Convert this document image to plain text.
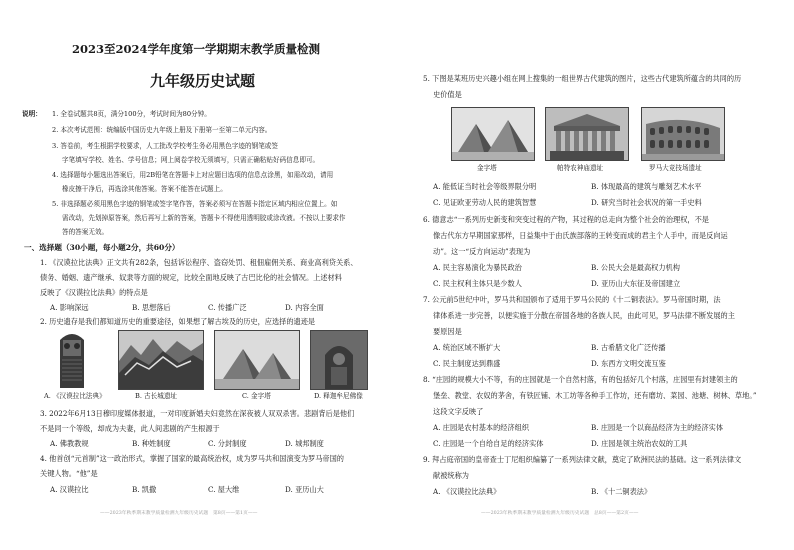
2023至2024学年度第一学期期末教学质量检测
九年级历史试题
说明： 1. 全卷试题共8页，满分100分，考试时间为80分钟。
2. 本次考试范围：统编版中国历史九年级上册及下册第一至第二单元内容。
3. 答卷前，考生根据学校要求，人工批改学校考生务必用黑色字迹的钢笔或签
字笔填写学校、姓名、学号信息；网上阅卷学校无须填写，只需正确粘贴好码信息即可。
4. 选择题每小题选出答案后，用2B铅笔在答题卡上对应题目选项的信息点涂黑，如需改动，请用
橡皮擦干净后，再选涂其他答案。答案不能答在试题上。
5. 非选择题必须用黑色字迹的钢笔或签字笔作答，答案必须写在答题卡指定区域内相应位置上。如
需改动，先划掉原答案，然后再写上新的答案，答题卡不得使用透明胶或涂改液。不按以上要求作
答的答案无效。
一、选择题（30小题，每小题2分，共60分）
1. 《汉谟拉比法典》正文共有282条，包括诉讼程序、盗窃处罚、租佃雇佣关系、商业高利贷关系、
债务、婚姻、遗产继承、奴隶等方面的规定，比较全面地反映了古巴比伦的社会情况。上述材料
反映了《汉谟拉比法典》的特点是
A. 影响深远	B. 思想落后	C. 传播广泛	D. 内容全面
2. 历史遗存是我们都知道历史的重要途径，如果想了解古埃及的历史，应选择的遗迹是
A. 《汉谟拉比法典》	B. 古长城遗址	C. 金字塔	D. 释迦牟尼佛像
3. 2022年6月13日穆印度媒体报道，一对印度新婚夫妇竟然在深夜被人双双杀害。悲剧背后是他们
不是同一个等级，却成为夫妻，此人间悲剧的产生根源于
A. 佛教教规	B. 种姓制度	C. 分封制度	D. 城邦制度
4. 他首创“元首制”这一政治形式，掌握了国家的最高统治权，成为罗马共和国演变为罗马帝国的
关键人物。“他”是
A. 汉谟拉比	B. 凯撒	C. 屋大维	D. 亚历山大
——2023年秋季期末教学质量检测九年级历史试题　第8页——第1页——
5. 下图是某班历史兴趣小组在网上搜集的一组世界古代建筑的图片，这些古代建筑所蕴含的共同的历
史价值是
金字塔	帕特农神庙遗址	罗马大竞技场遗址
A. 能低证当时社会等级界限分明	B. 体现最高的建筑与雕刻艺术水平
C. 见证欧亚劳动人民的建筑智慧	D. 研究当时社会状况的第一手史料
6. 德意志“一系列历史新变和突变过程的产物，其过程的总走向为整个社会的治理权，不是
像古代东方早期国家那样，日益集中于由氏族部落的王转变而成的君主个人手中，而是反向运
动”。这一“反方向运动”表现为
A. 民主容易演化为暴民政治	B. 公民大会是最高权力机构
C. 民主权利主体只是少数人	D. 亚历山大东征及帝国建立
7. 公元前5世纪中叶，罗马共和国颁布了适用于罗马公民的《十二铜表法》。罗马帝国时期，法
律体系进一步完善，以便实施于分散在帝国各地的各族人民，由此可见，罗马法律不断发展的主
要原因是
A. 统治区域不断扩大	B. 古希腊文化广泛传播
C. 民主制度达到鼎盛	D. 东西方文明交流互鉴
8. “庄园的规模大小不等，有的庄园就是一个自然村落，有的包括好几个村落，庄园里有封建领主的
堡垒、教堂、农奴的茅舍，有铁匠铺、木工坊等各种手工作坊，还有磨坊、菜园、池塘、树林、草地。”
这段文字反映了
A. 庄园是农村基本的经济组织	B. 庄园是一个以商品经济为主的经济实体
C. 庄园是一个自给自足的经济实体	D. 庄园是领主统治农奴的工具
9. 拜占庭帝国的皇帝查士丁尼组织编纂了一系列法律文献，奠定了欧洲民法的基础。这一系列法律文
献被统称为
A. 《汉谟拉比法典》	B. 《十二铜表法》
——2023年秋季期末教学质量检测九年级历史试题　总8页——第2页——
